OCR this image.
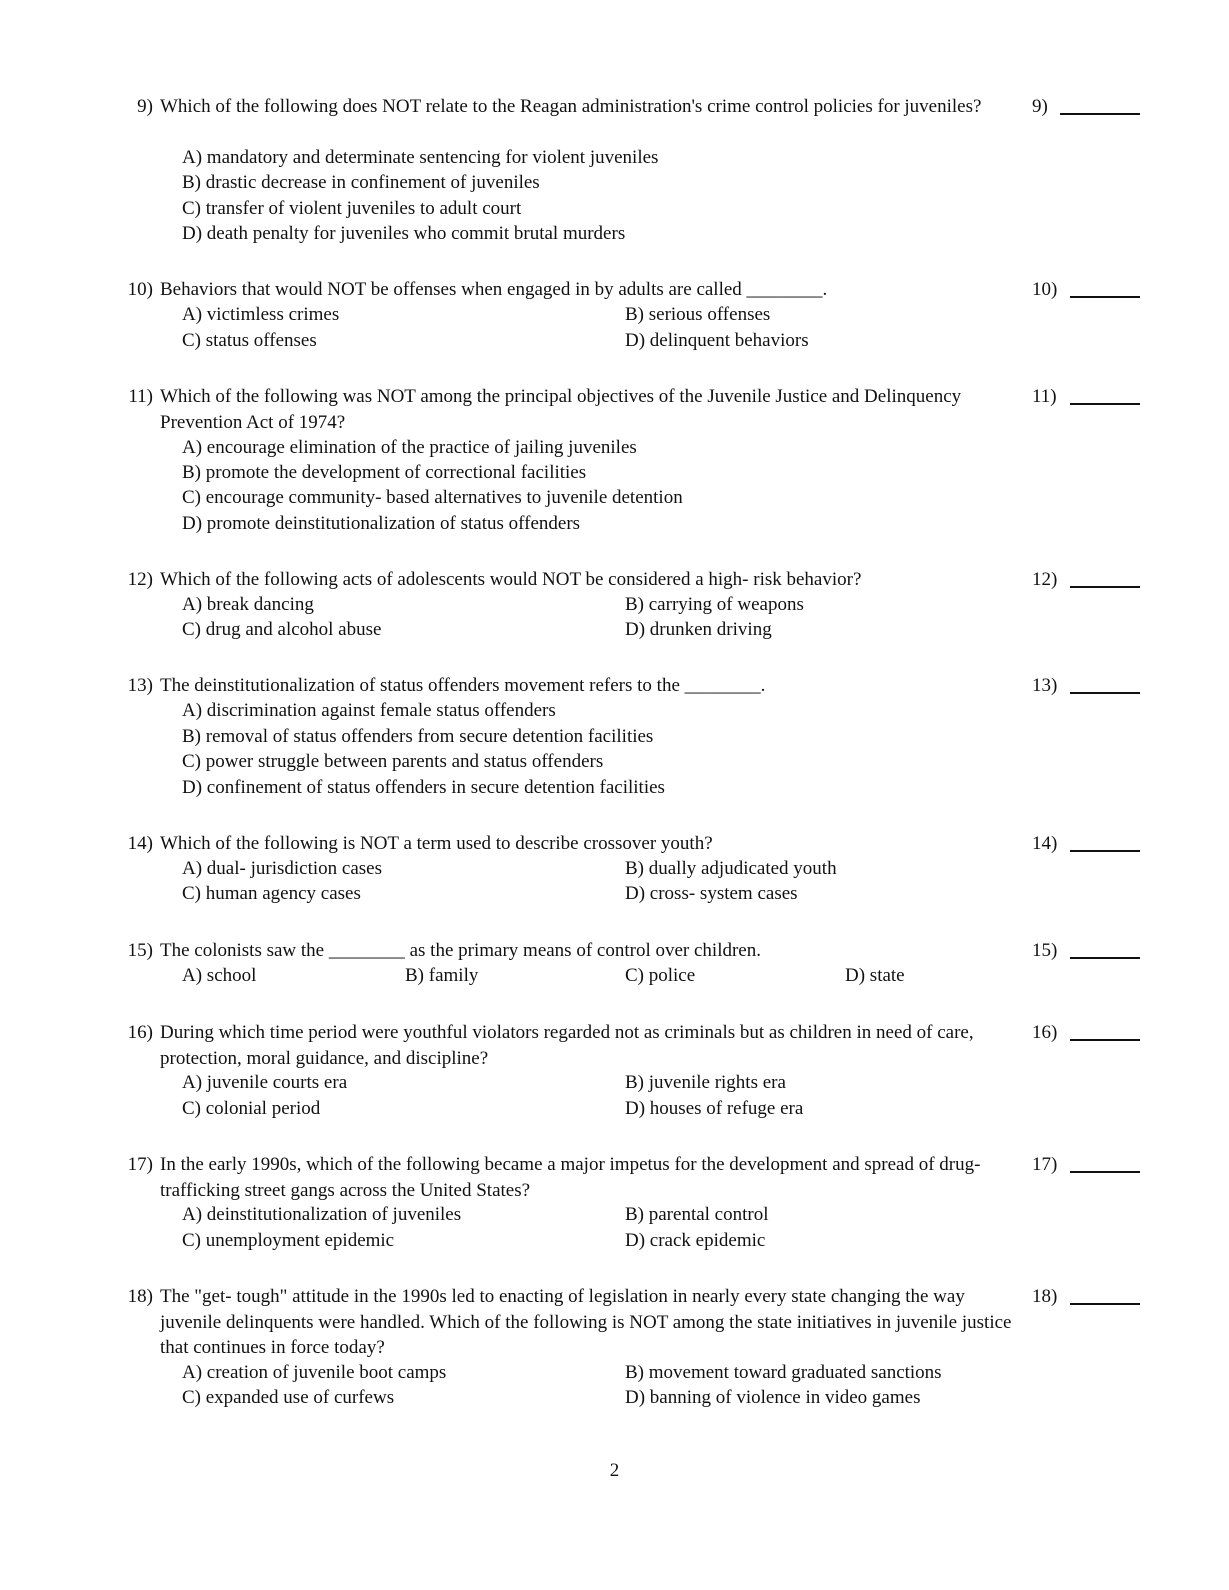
9) Which of the following does NOT relate to the Reagan administration's crime control policies for juveniles?	9)
A) mandatory and determinate sentencing for violent juveniles
B) drastic decrease in confinement of juveniles
C) transfer of violent juveniles to adult court
D) death penalty for juveniles who commit brutal murders
10) Behaviors that would NOT be offenses when engaged in by adults are called ________.	10)
A) victimless crimes	B) serious offenses
C) status offenses	D) delinquent behaviors
11) Which of the following was NOT among the principal objectives of the Juvenile Justice and Delinquency Prevention Act of 1974?
11)
A) encourage elimination of the practice of jailing juveniles
B) promote the development of correctional facilities
C) encourage community- based alternatives to juvenile detention
D) promote deinstitutionalization of status offenders
12) Which of the following acts of adolescents would NOT be considered a high- risk behavior?	12)
A) break dancing	B) carrying of weapons
C) drug and alcohol abuse	D) drunken driving
13) The deinstitutionalization of status offenders movement refers to the ________.	13)
A) discrimination against female status offenders
B) removal of status offenders from secure detention facilities
C) power struggle between parents and status offenders
D) confinement of status offenders in secure detention facilities
14) Which of the following is NOT a term used to describe crossover youth?	14)
A) dual- jurisdiction cases	B) dually adjudicated youth
C) human agency cases	D) cross- system cases
15) The colonists saw the ________ as the primary means of control over children.	15)
A) school	B) family	C) police	D) state
16) During which time period were youthful violators regarded not as criminals but as children in need of care, protection, moral guidance, and discipline?
16)
A) juvenile courts era	B) juvenile rights era
C) colonial period	D) houses of refuge era
17) In the early 1990s, which of the following became a major impetus for the development and spread of drug- trafficking street gangs across the United States?
17)
A) deinstitutionalization of juveniles	B) parental control
C) unemployment epidemic	D) crack epidemic
18) The "get- tough" attitude in the 1990s led to enacting of legislation in nearly every state changing the way juvenile delinquents were handled. Which of the following is NOT among the state initiatives in juvenile justice that continues in force today?
18)
A) creation of juvenile boot camps	B) movement toward graduated sanctions
C) expanded use of curfews	D) banning of violence in video games
2
